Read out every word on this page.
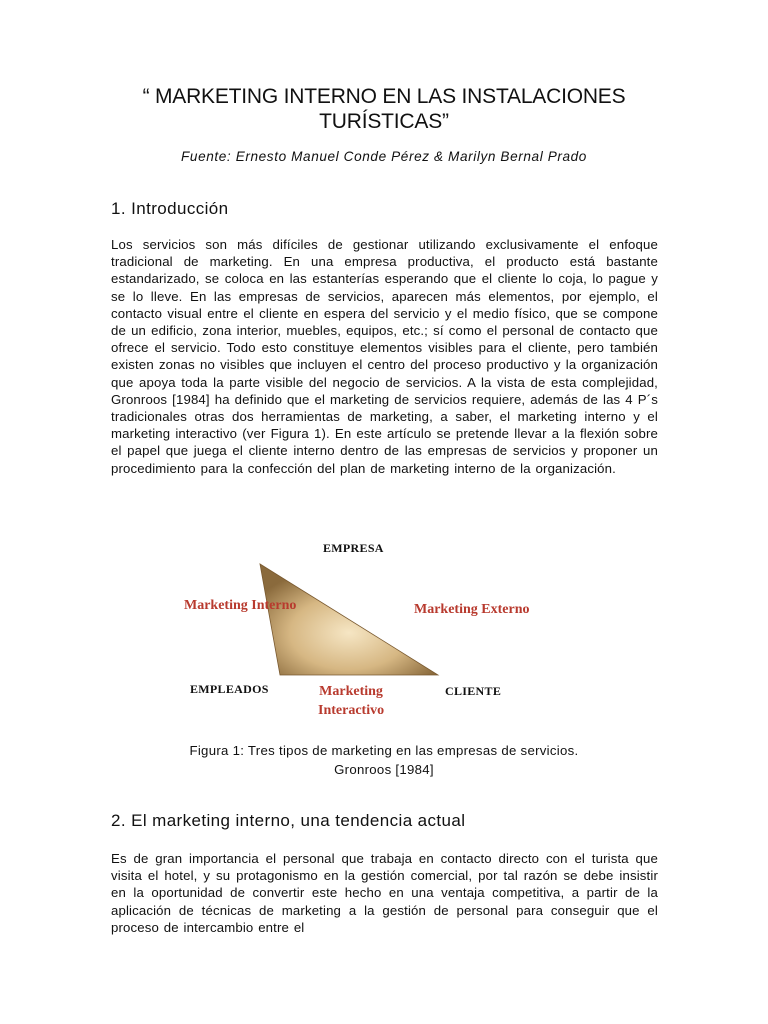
“ MARKETING INTERNO EN LAS INSTALACIONES
TURÍSTICAS”
Fuente: Ernesto Manuel Conde Pérez & Marilyn Bernal Prado
1. Introducción
Los servicios son más difíciles de gestionar utilizando exclusivamente el enfoque tradicional de marketing. En una empresa productiva, el producto está bastante estandarizado, se coloca en las estanterías esperando que el cliente lo coja, lo pague y se lo lleve. En las empresas de servicios, aparecen más elementos, por ejemplo, el contacto visual entre el cliente en espera del servicio y el medio físico, que se compone de un edificio, zona interior, muebles, equipos, etc.; sí como el personal de contacto que ofrece el servicio. Todo esto constituye elementos visibles para el cliente, pero también existen zonas no visibles que incluyen el centro del proceso productivo y la organización que apoya toda la parte visible del negocio de servicios. A la vista de esta complejidad, Gronroos [1984] ha definido que el marketing de servicios requiere, además de las 4 P´s tradicionales otras dos herramientas de marketing, a saber, el marketing interno y el marketing interactivo (ver Figura 1). En este artículo se pretende llevar a la flexión sobre el papel que juega el cliente interno dentro de las empresas de servicios y proponer un procedimiento para la confección del plan de marketing interno de la organización.
EMPRESA
Marketing Interno	Marketing Externo
EMPLEADOS	CLIENTE
Marketing
Interactivo
Figura 1: Tres tipos de marketing en las empresas de servicios.
Gronroos [1984]
2. El marketing interno, una tendencia actual
Es de gran importancia el personal que trabaja en contacto directo con el turista que visita el hotel, y su protagonismo en la gestión comercial, por tal razón se debe insistir en la oportunidad de convertir este hecho en una ventaja competitiva, a partir de la aplicación de técnicas de marketing a la gestión de personal para conseguir que el proceso de intercambio entre el
